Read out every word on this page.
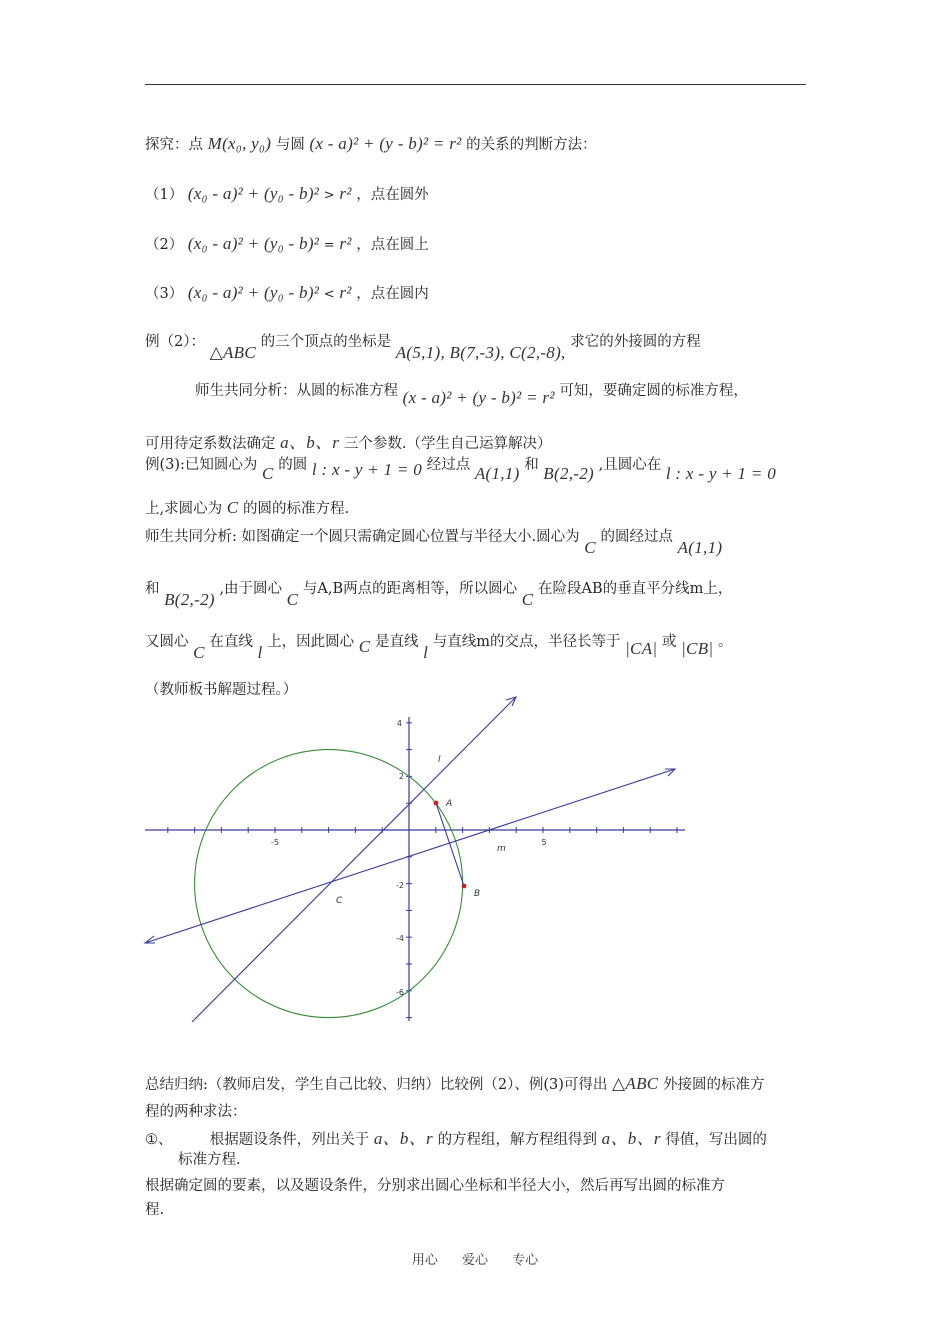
探究：点 M(x₀, y₀) 与圆 (x - a)² + (y - b)² = r² 的关系的判断方法：
（1） (x₀ - a)² + (y₀ - b)² > r² ，点在圆外
（2） (x₀ - a)² + (y₀ - b)² = r² ，点在圆上
（3） (x₀ - a)² + (y₀ - b)² < r² ，点在圆内
例（2）： △ABC 的三个顶点的坐标是 A(5,1), B(7,-3), C(2,-8), 求它的外接圆的方程
师生共同分析：从圆的标准方程 (x - a)² + (y - b)² = r² 可知，要确定圆的标准方程，
可用待定系数法确定 a、b、r 三个参数.（学生自己运算解决）
例(3):已知圆心为 C 的圆 l : x - y + 1 = 0 经过点 A(1,1) 和 B(2,-2) ,且圆心在 l : x - y + 1 = 0
上,求圆心为 C 的圆的标准方程.
师生共同分析: 如图确定一个圆只需确定圆心位置与半径大小.圆心为 C 的圆经过点 A(1,1)
和 B(2,-2) ,由于圆心 C 与A,B两点的距离相等，所以圆心 C 在险段AB的垂直平分线m上，
又圆心 C 在直线 l 上，因此圆心 C 是直线 l 与直线m的交点，半径长等于 |CA| 或 |CB| 。
（教师板书解题过程。）
-5	5
4
2
-2
-4
-6
A
B
C
l
m
总结归纳:（教师启发，学生自己比较、归纳）比较例（2）、例(3)可得出 △ABC 外接圆的标准方
程的两种求法：
①、	根据题设条件，列出关于 a、b、r 的方程组，解方程组得到 a、b、r 得值，写出圆的
标准方程.
根据确定圆的要素，以及题设条件，分别求出圆心坐标和半径大小，然后再写出圆的标准方
程.
用心 爱心 专心
